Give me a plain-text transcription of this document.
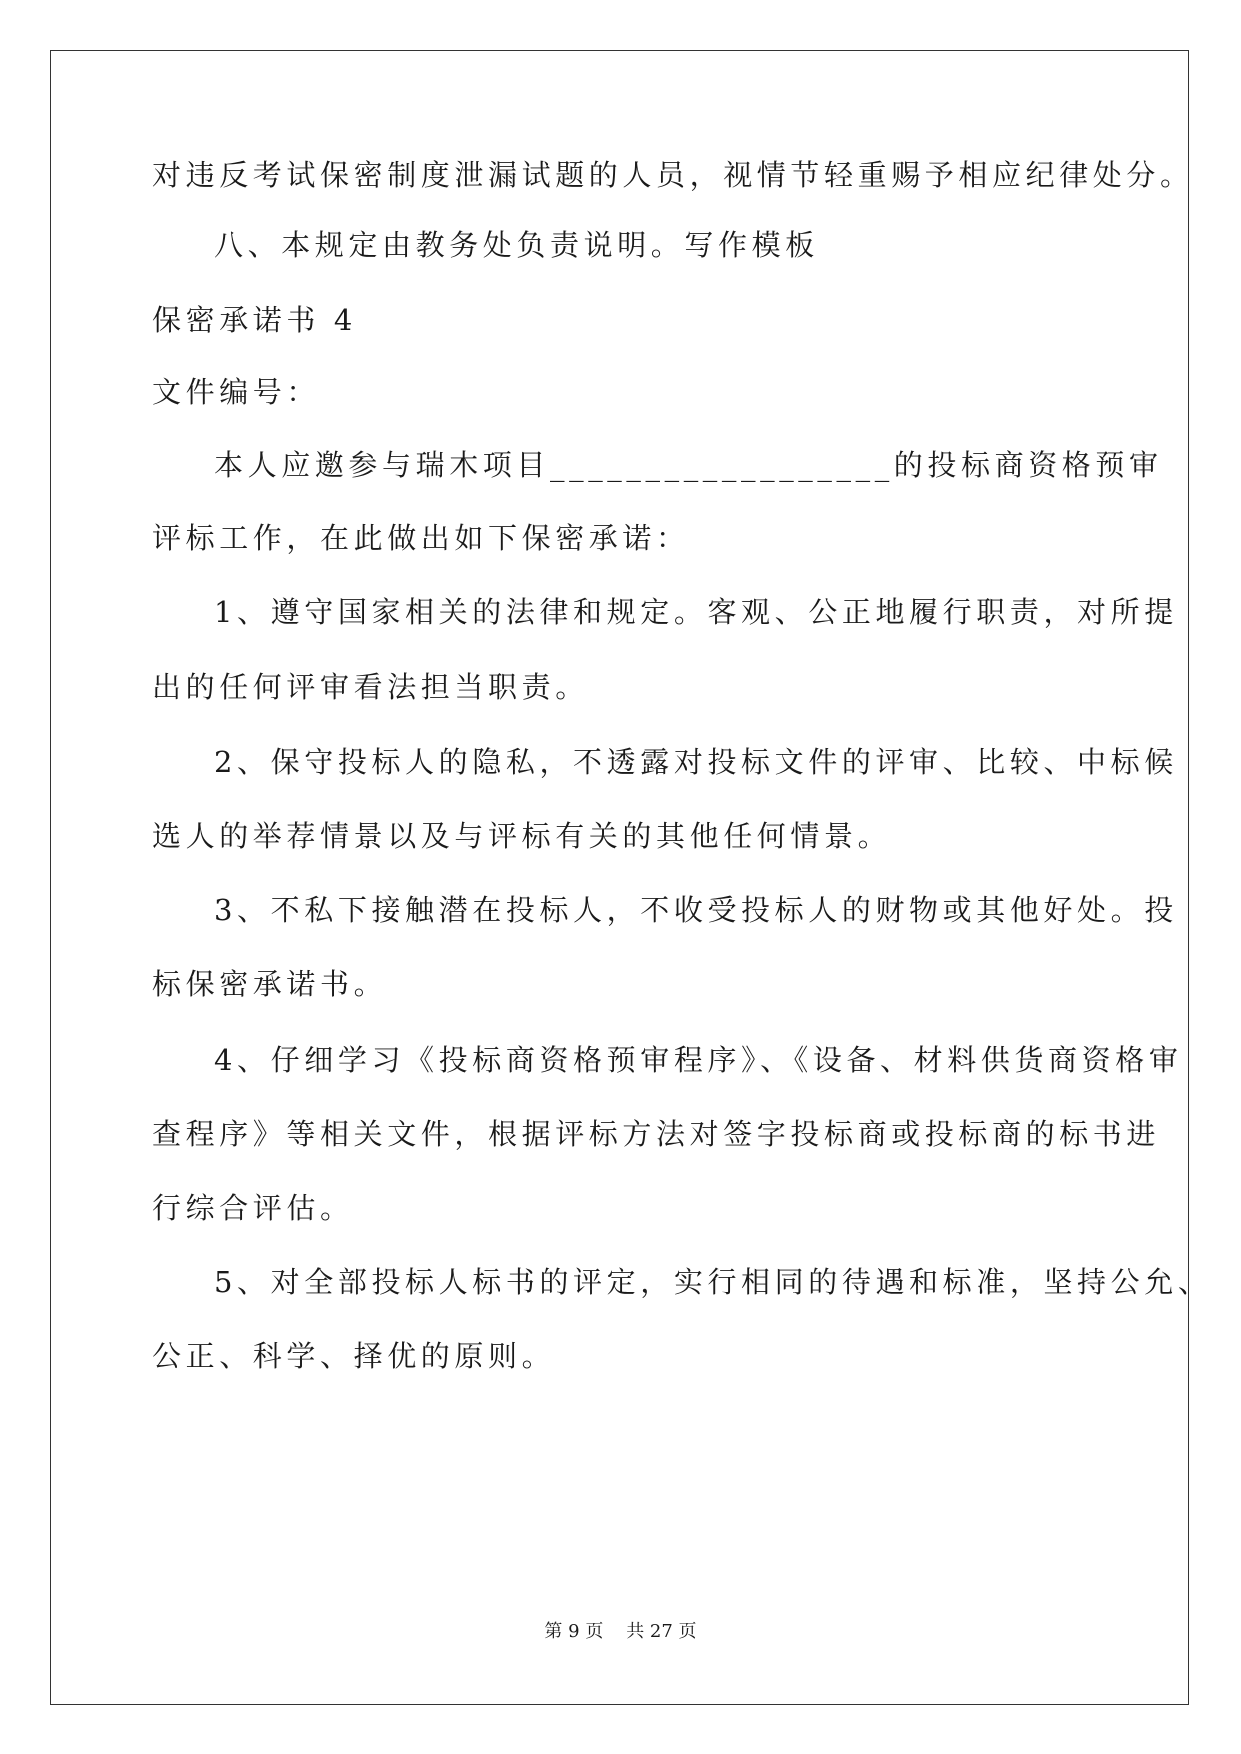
对违反考试保密制度泄漏试题的人员，视情节轻重赐予相应纪律处分。

八、本规定由教务处负责说明。写作模板

保密承诺书 4

文件编号：

本人应邀参与瑞木项目__________________的投标商资格预审

评标工作，在此做出如下保密承诺：

1、遵守国家相关的法律和规定。客观、公正地履行职责，对所提

出的任何评审看法担当职责。

2、保守投标人的隐私，不透露对投标文件的评审、比较、中标候

选人的举荐情景以及与评标有关的其他任何情景。

3、不私下接触潜在投标人，不收受投标人的财物或其他好处。投

标保密承诺书。

4、仔细学习《投标商资格预审程序》、《设备、材料供货商资格审

查程序》等相关文件，根据评标方法对签字投标商或投标商的标书进

行综合评估。

5、对全部投标人标书的评定，实行相同的待遇和标准，坚持公允、

公正、科学、择优的原则。

第 9 页    共 27 页
